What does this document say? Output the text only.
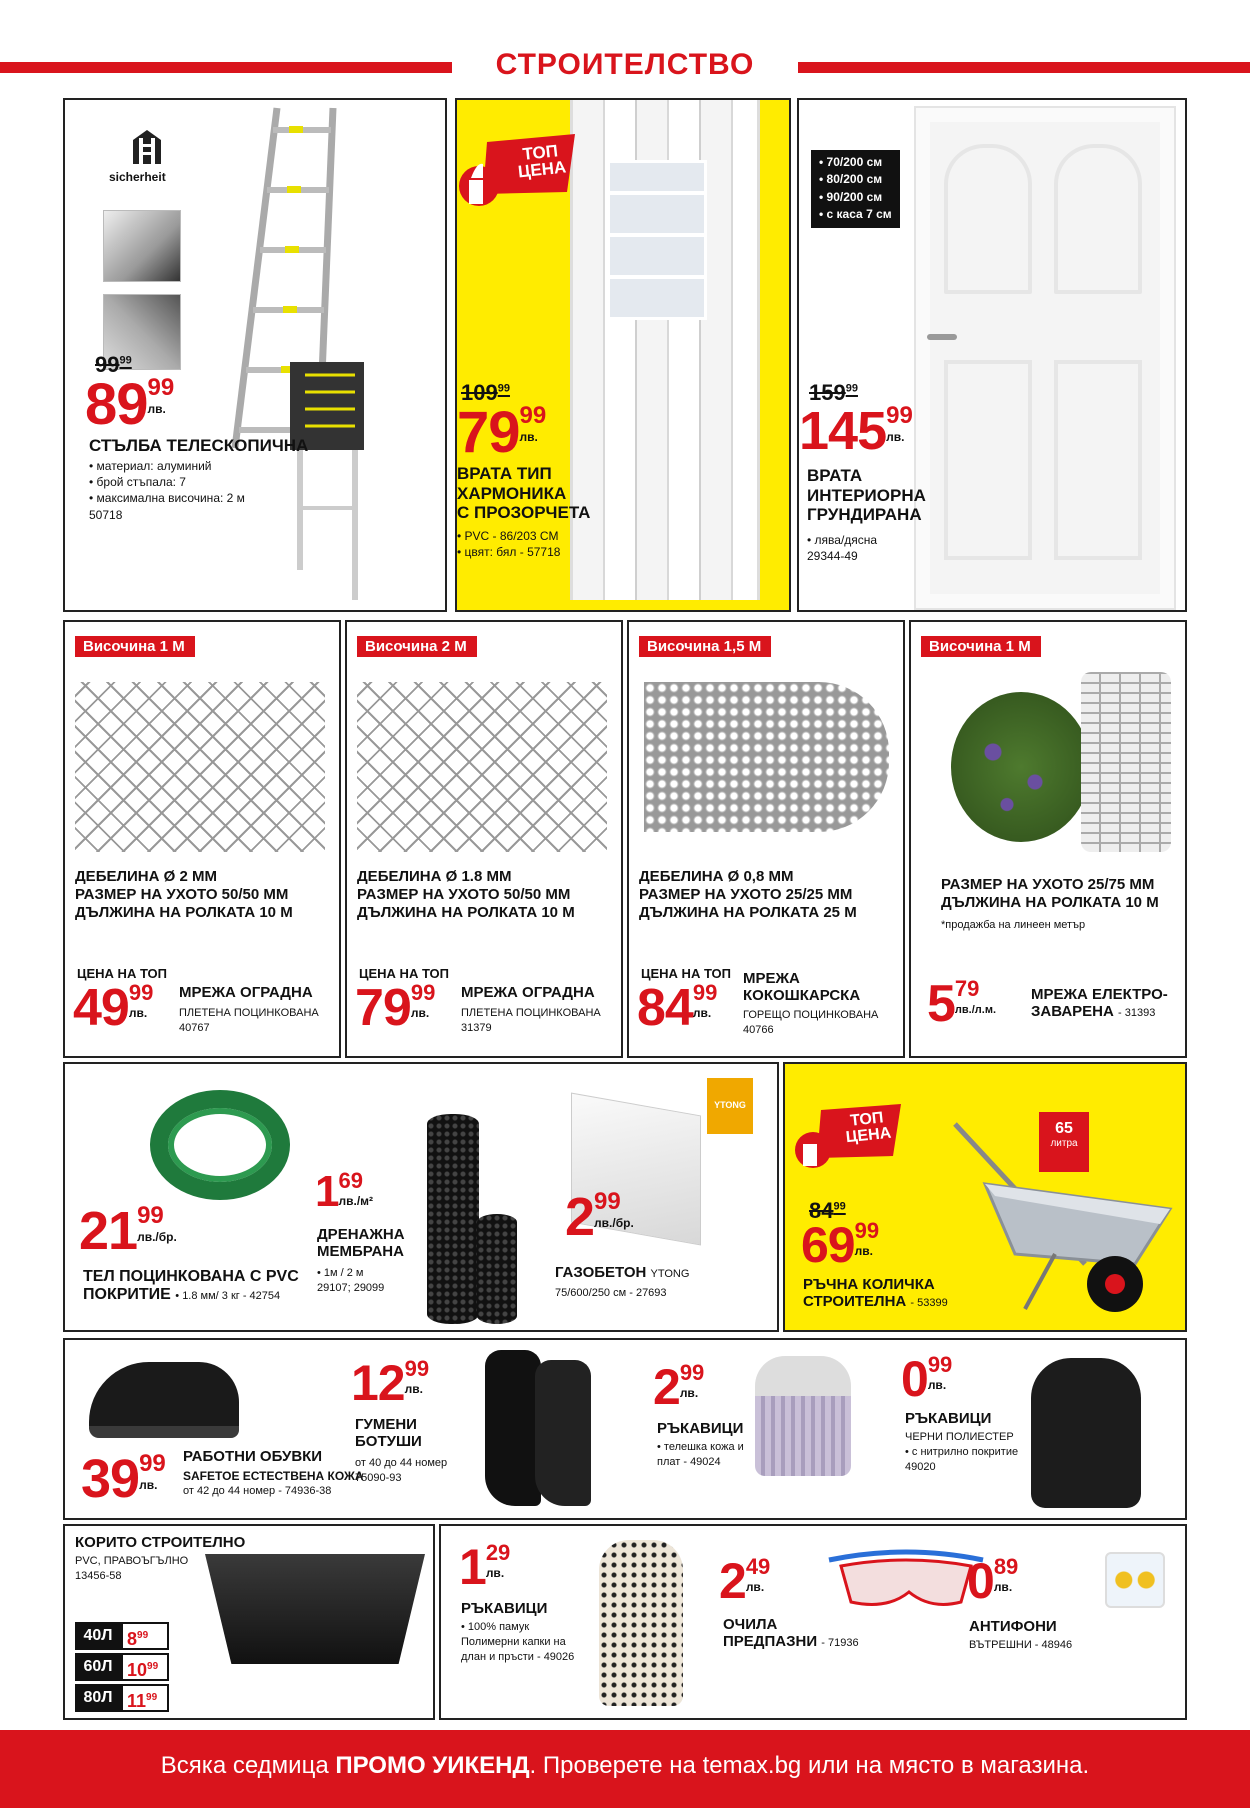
СТРОИТЕЛСТВО
sicherheit
$99^{99}$
89 99
лв.
СТЪЛБА ТЕЛЕСКОПИЧНА
• материал: алуминий
• брой стъпала: 7
• максимална височина: 2 м
50718
ТОП
ЦЕНА
$109^{99}$
79 99
лв.
ВРАТА ТИП
ХАРМОНИКА
С ПРОЗОРЧЕТА
• PVC - 86/203 СМ
• цвят: бял - 57718
• 70/200 см
• 80/200 см
• 90/200 см
• с каса 7 см
$159^{99}$
145 99
лв.
ВРАТА
ИНТЕРИОРНА
ГРУНДИРАНА
• лява/дясна
29344-49
Височина 1 М
ДЕБЕЛИНА Ø 2 ММ
РАЗМЕР НА УХОТО 50/50 ММ
ДЪЛЖИНА НА РОЛКАТА 10 М
ЦЕНА НА ТОП
49 99
лв.
МРЕЖА ОГРАДНА
ПЛЕТЕНА ПОЦИНКОВАНА
40767
Височина 2 М
ДЕБЕЛИНА Ø 1.8 ММ
РАЗМЕР НА УХОТО 50/50 ММ
ДЪЛЖИНА НА РОЛКАТА 10 М
ЦЕНА НА ТОП
79 99
лв.
МРЕЖА ОГРАДНА
ПЛЕТЕНА ПОЦИНКОВАНА
31379
Височина 1,5 М
ДЕБЕЛИНА Ø 0,8 ММ
РАЗМЕР НА УХОТО 25/25 ММ
ДЪЛЖИНА НА РОЛКАТА 25 М
ЦЕНА НА ТОП
84 99
лв.
МРЕЖА
КОКОШКАРСКА
ГОРЕЩО ПОЦИНКОВАНА
40766
Височина 1 М
РАЗМЕР НА УХОТО 25/75 ММ
ДЪЛЖИНА НА РОЛКАТА 10 М
*продажба на линеен метър
5 79
лв./л.м.
МРЕЖА ЕЛЕКТРО-
ЗАВАРЕНА - 31393
21 99
лв./бр.
ТЕЛ ПОЦИНКОВАНА С PVC
ПОКРИТИЕ • 1.8 мм/ 3 кг - 42754
1 69
лв./м²
ДРЕНАЖНА
МЕМБРАНА
• 1м / 2 м
29107; 29099
YTONG
2 99
лв./бр.
ГАЗОБЕТОН YTONG
75/600/250 см - 27693
ТОП
ЦЕНА	65
литра
$84^{99}$
69 99
лв.
РЪЧНА КОЛИЧКА
СТРОИТЕЛНА - 53399
39 99
лв.
РАБОТНИ ОБУВКИ
SAFETOE ЕСТЕСТВЕНА КОЖА
от 42 до 44 номер - 74936-38
12 99
лв.
ГУМЕНИ
БОТУШИ
от 40 до 44 номер
75090-93
2 99
лв.
РЪКАВИЦИ
• телешка кожа и
плат - 49024
0 99
лв.
РЪКАВИЦИ
ЧЕРНИ ПОЛИЕСТЕР
• с нитрилно покритие
49020
КОРИТО СТРОИТЕЛНО
PVC, ПРАВОЪГЪЛНО
13456-58
40Л $8^{99}$
60Л $10^{99}$
80Л $11^{99}$
1 29
лв.
РЪКАВИЦИ
• 100% памук
Полимерни капки на
длан и пръсти - 49026
2 49
лв.
ОЧИЛА
ПРЕДПАЗНИ - 71936
0 89
лв.
АНТИФОНИ
ВЪТРЕШНИ - 48946
Всяка седмица ПРОМО УИКЕНД. Проверете на temax.bg или на място в магазина.
